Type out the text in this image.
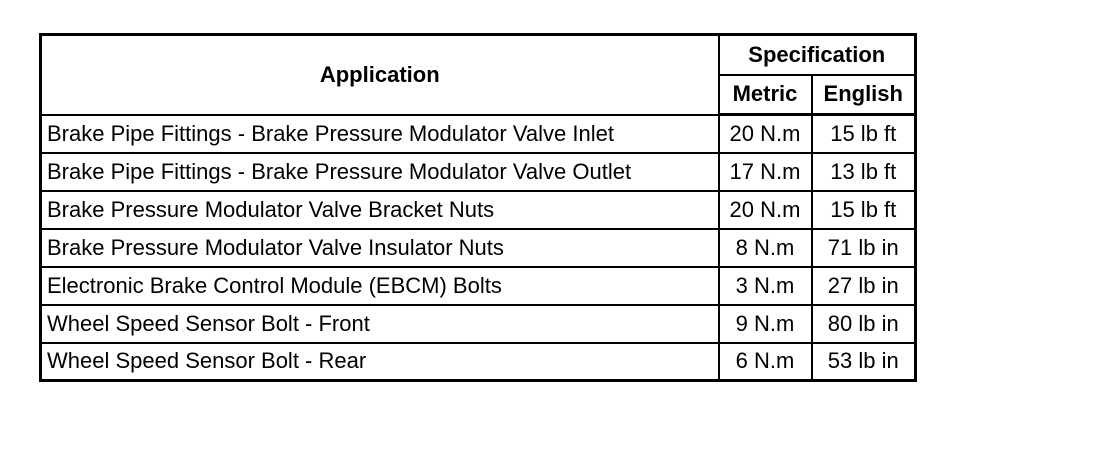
Application	Specification	
	Metric	English
Brake Pipe Fittings - Brake Pressure Modulator Valve Inlet	20 N.m	15 lb ft
Brake Pipe Fittings - Brake Pressure Modulator Valve Outlet	17 N.m	13 lb ft
Brake Pressure Modulator Valve Bracket Nuts	20 N.m	15 lb ft
Brake Pressure Modulator Valve Insulator Nuts	8 N.m	71 lb in
Electronic Brake Control Module (EBCM) Bolts	3 N.m	27 lb in
Wheel Speed Sensor Bolt - Front	9 N.m	80 lb in
Wheel Speed Sensor Bolt - Rear	6 N.m	53 lb in
